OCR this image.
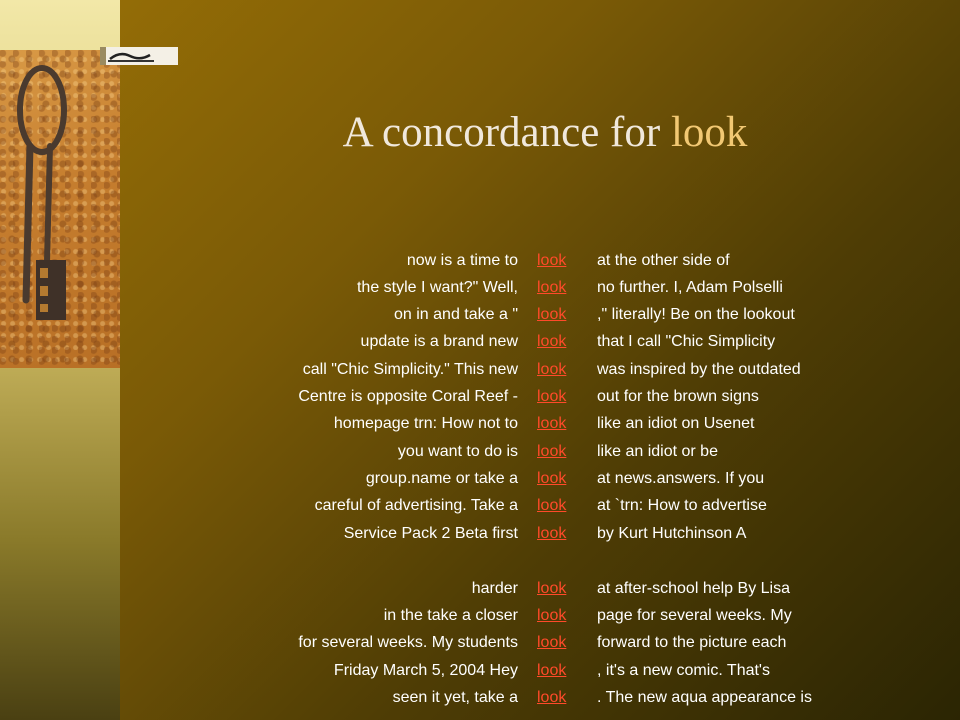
A concordance for look
now is a time to look at the other side of
the style I want?" Well, look no further. I, Adam Polselli
on in and take a " look ," literally! Be on the lookout
update is a brand new look that I call "Chic Simplicity
call "Chic Simplicity." This new look was inspired by the outdated
Centre is opposite Coral Reef - look out for the brown signs
homepage trn: How not to look like an idiot on Usenet
you want to do is look like an idiot or be
group.name or take a look at news.answers. If you
careful of advertising. Take a look at `trn: How to advertise
Service Pack 2 Beta first look by Kurt Hutchinson A
harder look at after-school help By Lisa
in the take a closer look page for several weeks. My
for several weeks. My students look forward to the picture each
Friday March 5, 2004 Hey look , it's a new comic. That's
seen it yet, take a look . The new aqua appearance is
